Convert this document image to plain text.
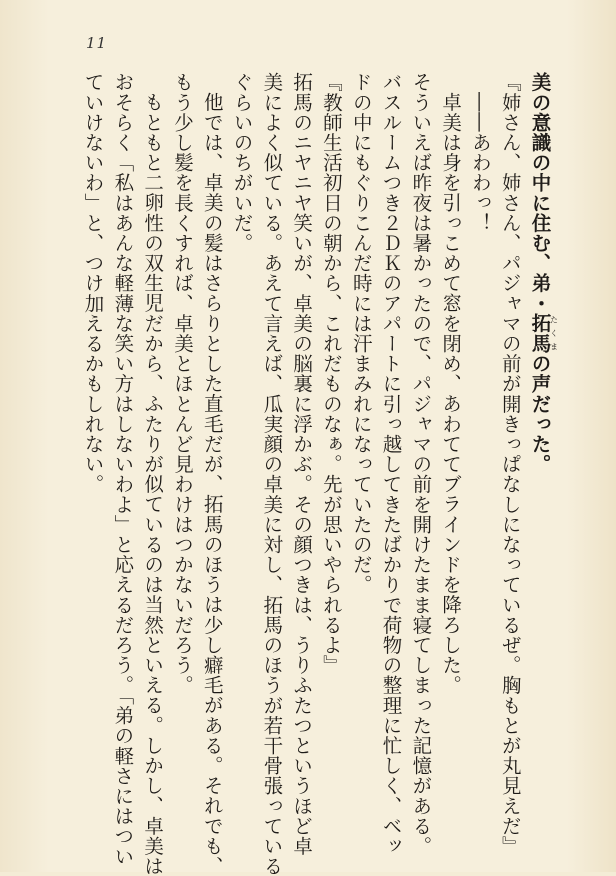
11
美の意識の中に住む、弟・拓馬たくまの声だった。
『姉さん、姉さん、パジャマの前が開きっぱなしになっているぜ。胸もとが丸見えだ』
――あわわっ！
卓美は身を引っこめて窓を閉め、あわててブラインドを降ろした。
そういえば昨夜は暑かったので、パジャマの前を開けたまま寝てしまった記憶がある。
バスルームつき２ＤＫのアパートに引っ越してきたばかりで荷物の整理に忙しく、ベッ
ドの中にもぐりこんだ時には汗まみれになっていたのだ。
『教師生活初日の朝から、これだものなぁ。先が思いやられるよ』
拓馬のニヤニヤ笑いが、卓美の脳裏に浮かぶ。その顔つきは、うりふたつというほど卓
美によく似ている。あえて言えば、瓜実顔の卓美に対し、拓馬のほうが若干骨張っている
ぐらいのちがいだ。
他では、卓美の髪はさらりとした直毛だが、拓馬のほうは少し癖毛がある。それでも、
もう少し髪を長くすれば、卓美とほとんど見わけはつかないだろう。
もともと二卵性の双生児だから、ふたりが似ているのは当然といえる。しかし、卓美は
おそらく「私はあんな軽薄な笑い方はしないわよ」と応えるだろう。「弟の軽さにはつい
ていけないわ」と、つけ加えるかもしれない。
